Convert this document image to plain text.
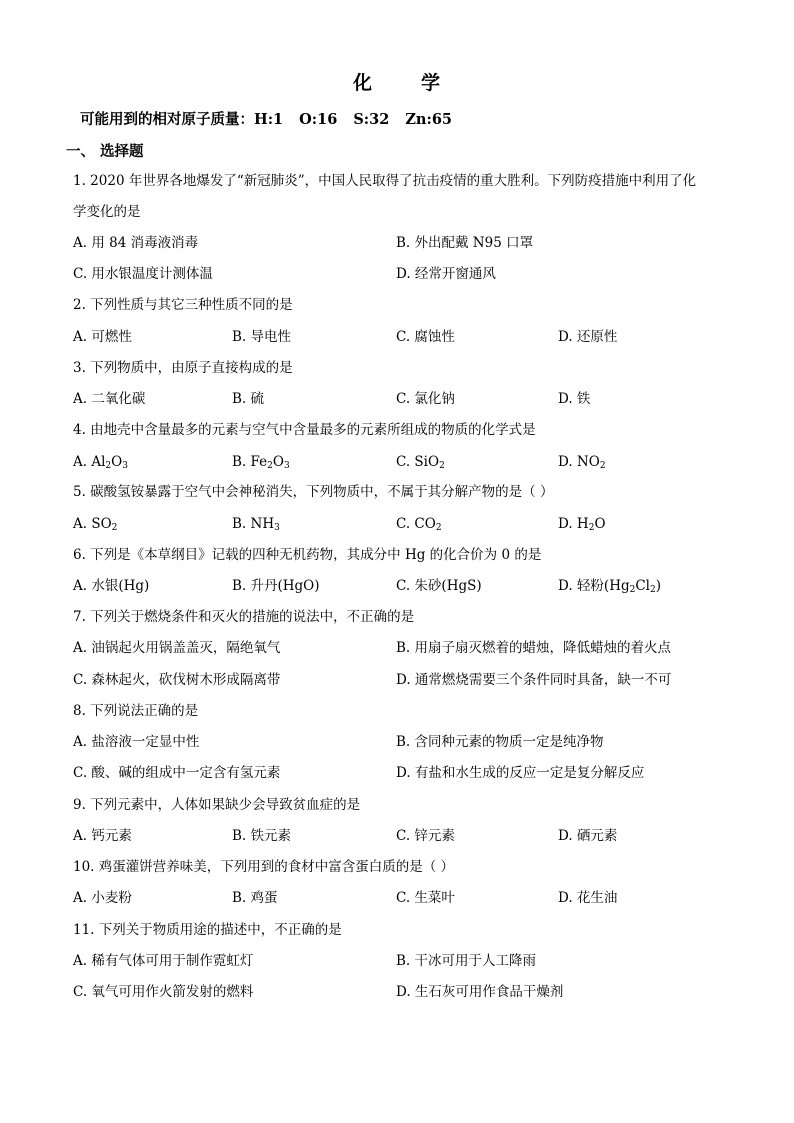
化	学
可能用到的相对原子质量：H:1 O:16 S:32 Zn:65
一、 选择题
1. 2020 年世界各地爆发了“新冠肺炎”，中国人民取得了抗击疫情的重大胜利。下列防疫措施中利用了化
学变化的是
A. 用 84 消毒液消毒	B. 外出配戴 N95 口罩
C. 用水银温度计测体温	D. 经常开窗通风
2. 下列性质与其它三种性质不同的是
A. 可燃性	B. 导电性	C. 腐蚀性	D. 还原性
3. 下列物质中，由原子直接构成的是
A. 二氧化碳	B. 硫	C. 氯化钠	D. 铁
4. 由地壳中含量最多的元素与空气中含量最多的元素所组成的物质的化学式是
A. $Al_2O_3$	B. $Fe_2O_3$	C. SiO$_2$	D. $NO_2$
5. 碳酸氢铵暴露于空气中会神秘消失，下列物质中，不属于其分解产物的是（ ）
A. $SO_2$	B. $NH_3$	C. $CO_2$	D. $H_2O$
6. 下列是《本草纲目》记载的四种无机药物，其成分中 Hg 的化合价为 0 的是
A. 水银(Hg)	B. 升丹(HgO)	C. 朱砂(HgS)	D. 轻粉$(Hg_2Cl_2)$
7. 下列关于燃烧条件和灭火的措施的说法中，不正确的是
A. 油锅起火用锅盖盖灭，隔绝氧气	B. 用扇子扇灭燃着的蜡烛，降低蜡烛的着火点
C. 森林起火，砍伐树木形成隔离带	D. 通常燃烧需要三个条件同时具备，缺一不可
8. 下列说法正确的是
A. 盐溶液一定显中性	B. 含同种元素的物质一定是纯净物
C. 酸、碱的组成中一定含有氢元素	D. 有盐和水生成的反应一定是复分解反应
9. 下列元素中，人体如果缺少会导致贫血症的是
A. 钙元素	B. 铁元素	C. 锌元素	D. 硒元素
10. 鸡蛋灌饼营养味美，下列用到的食材中富含蛋白质的是（ ）
A. 小麦粉	B. 鸡蛋	C. 生菜叶	D. 花生油
11. 下列关于物质用途的描述中，不正确的是
A. 稀有气体可用于制作霓虹灯	B. 干冰可用于人工降雨
C. 氧气可用作火箭发射的燃料	D. 生石灰可用作食品干燥剂
